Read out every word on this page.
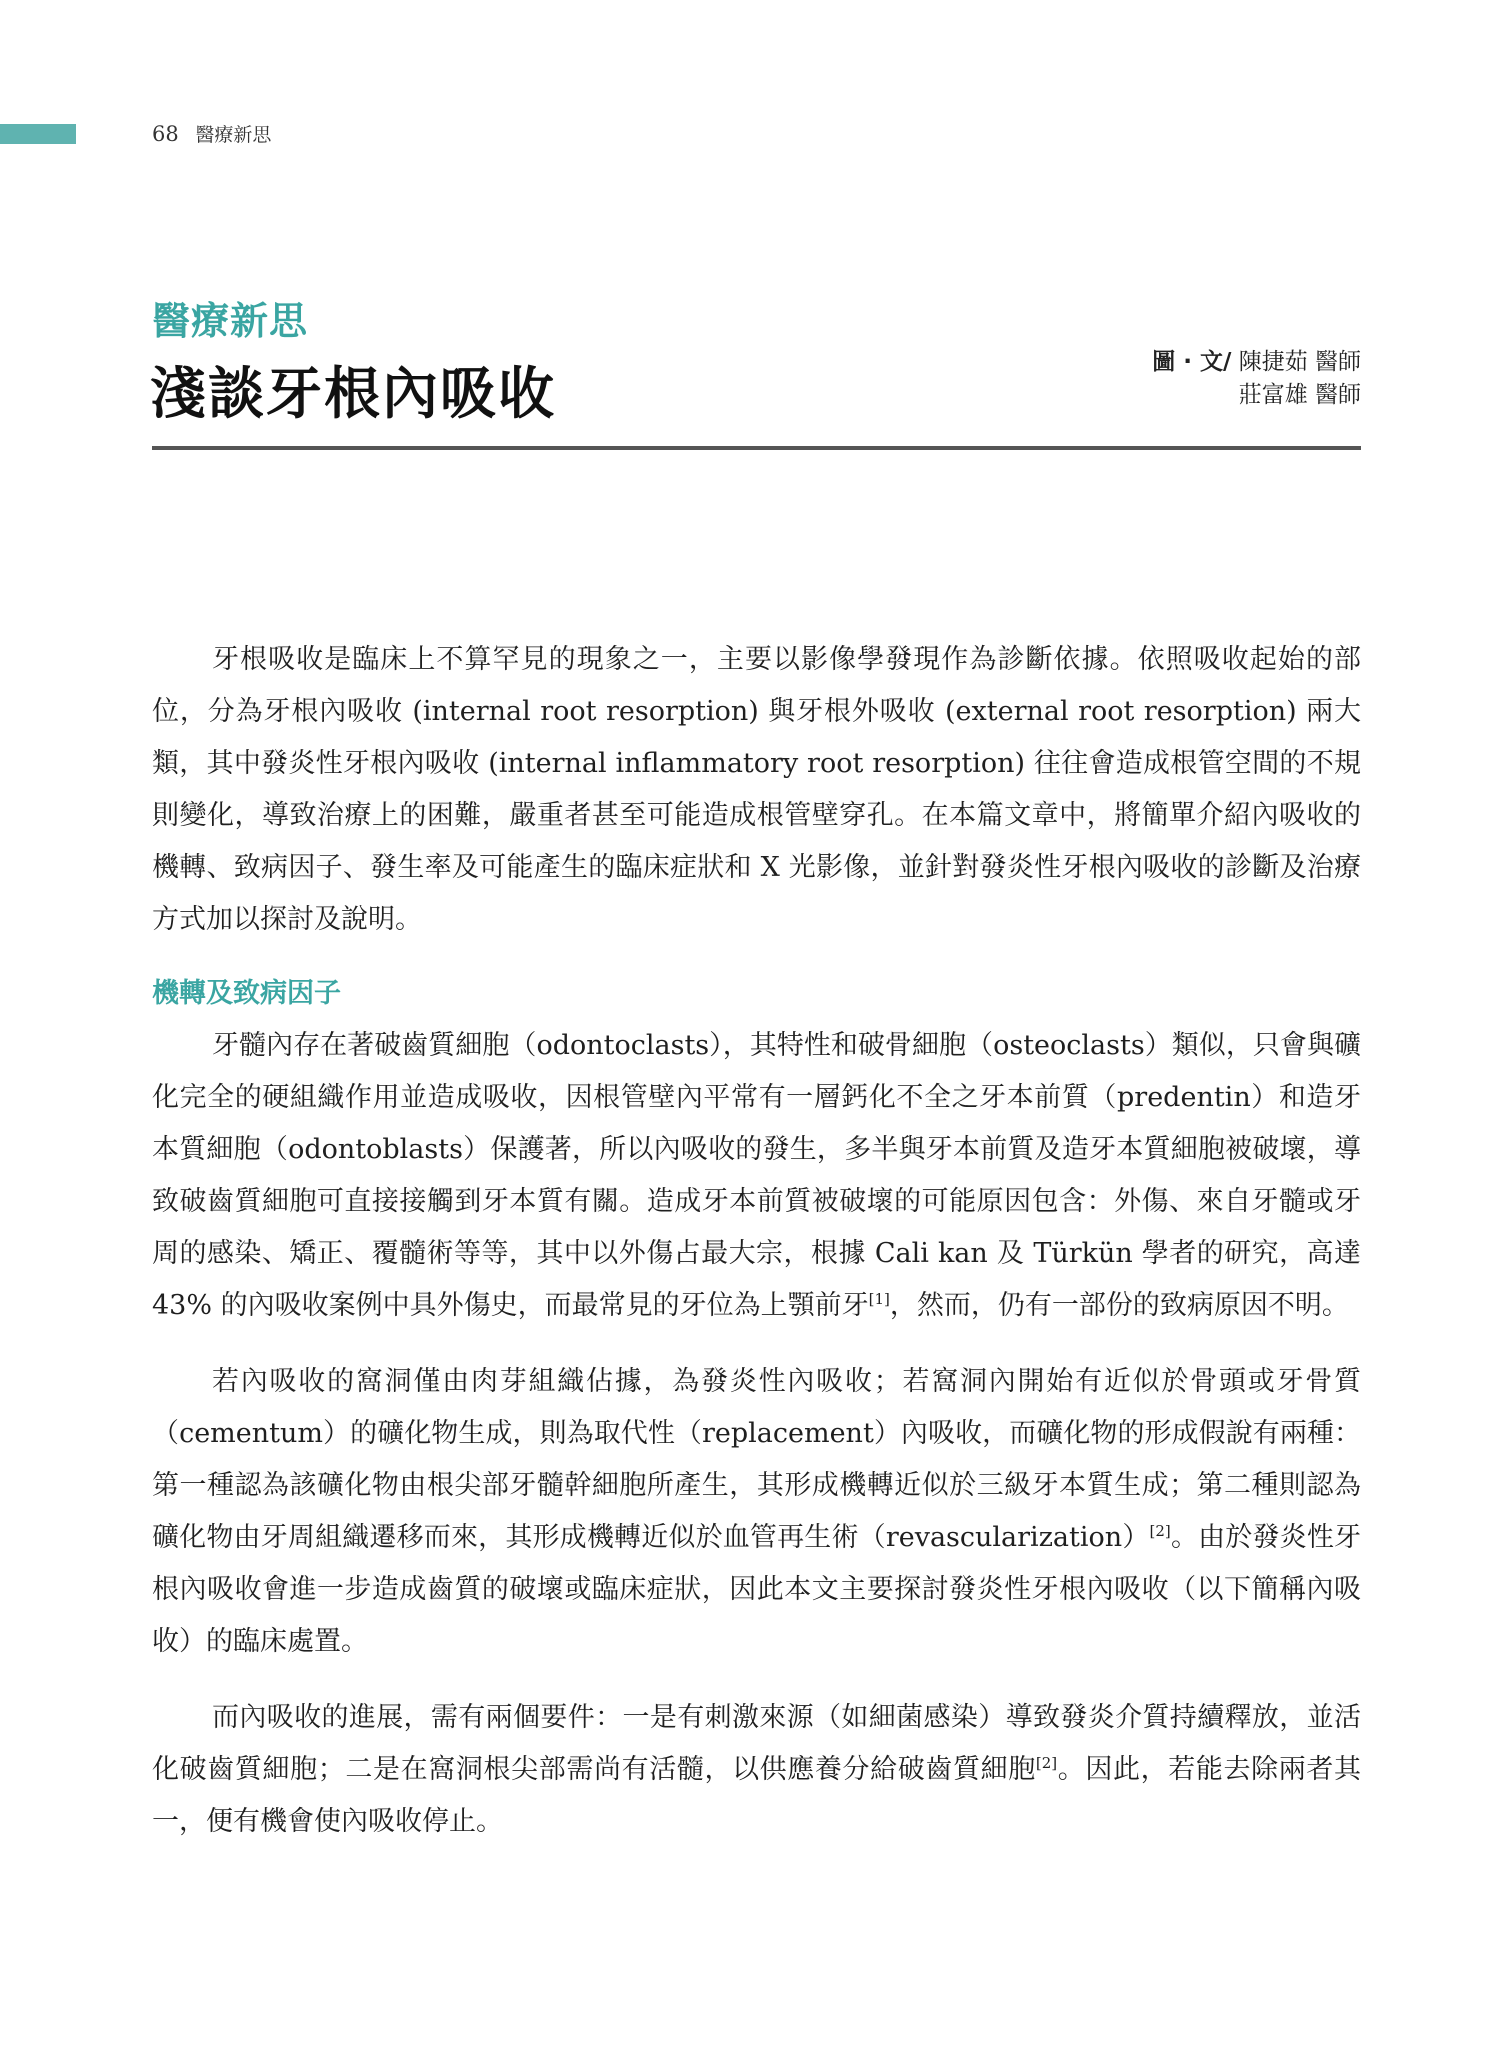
68 醫療新思
醫療新思
淺談牙根內吸收	圖 · 文/ 陳捷茹 醫師
莊富雄 醫師

牙根吸收是臨床上不算罕見的現象之一，主要以影像學發現作為診斷依據。依照吸收起始的部位，分為牙根內吸收 (internal root resorption) 與牙根外吸收 (external root resorption) 兩大類，其中發炎性牙根內吸收 (internal inflammatory root resorption) 往往會造成根管空間的不規則變化，導致治療上的困難，嚴重者甚至可能造成根管壁穿孔。在本篇文章中，將簡單介紹內吸收的機轉、致病因子、發生率及可能產生的臨床症狀和 X 光影像，並針對發炎性牙根內吸收的診斷及治療方式加以探討及說明。

機轉及致病因子

牙髓內存在著破齒質細胞（odontoclasts），其特性和破骨細胞（osteoclasts）類似，只會與礦化完全的硬組織作用並造成吸收，因根管壁內平常有一層鈣化不全之牙本前質（predentin）和造牙本質細胞（odontoblasts）保護著，所以內吸收的發生，多半與牙本前質及造牙本質細胞被破壞，導致破齒質細胞可直接接觸到牙本質有關。造成牙本前質被破壞的可能原因包含：外傷、來自牙髓或牙周的感染、矯正、覆髓術等等，其中以外傷占最大宗，根據 Cali kan 及 Türkün 學者的研究，高達 43% 的內吸收案例中具外傷史，而最常見的牙位為上顎前牙[1]，然而，仍有一部份的致病原因不明。

若內吸收的窩洞僅由肉芽組織佔據，為發炎性內吸收；若窩洞內開始有近似於骨頭或牙骨質（cementum）的礦化物生成，則為取代性（replacement）內吸收，而礦化物的形成假說有兩種：第一種認為該礦化物由根尖部牙髓幹細胞所產生，其形成機轉近似於三級牙本質生成；第二種則認為礦化物由牙周組織遷移而來，其形成機轉近似於血管再生術（revascularization）[2]。由於發炎性牙根內吸收會進一步造成齒質的破壞或臨床症狀，因此本文主要探討發炎性牙根內吸收（以下簡稱內吸收）的臨床處置。

而內吸收的進展，需有兩個要件：一是有刺激來源（如細菌感染）導致發炎介質持續釋放，並活化破齒質細胞；二是在窩洞根尖部需尚有活髓，以供應養分給破齒質細胞[2]。因此，若能去除兩者其一，便有機會使內吸收停止。
